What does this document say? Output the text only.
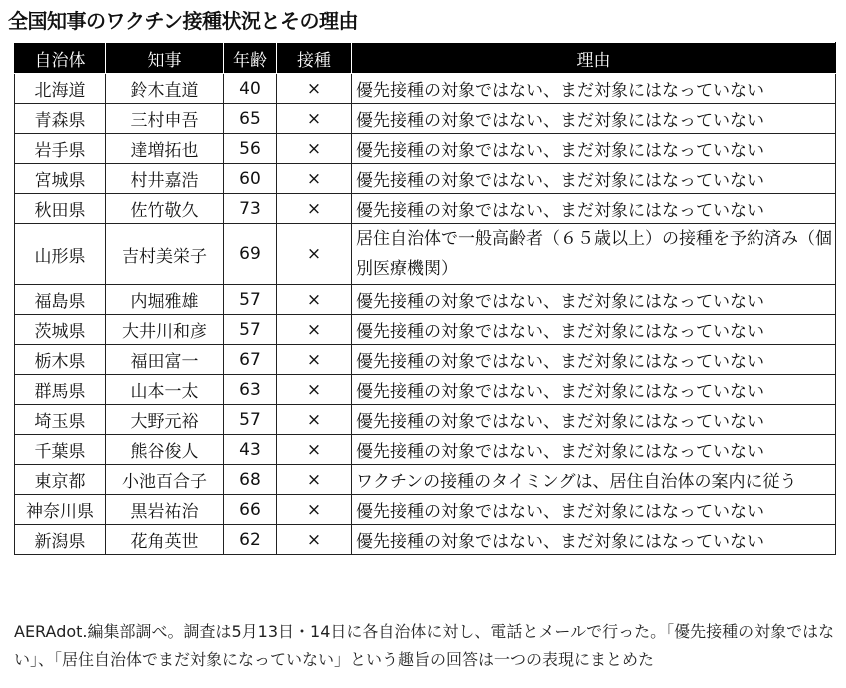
全国知事のワクチン接種状況とその理由
自治体	知事	年齢	接種	理由
北海道	鈴木直道	40	×	優先接種の対象ではない、まだ対象にはなっていない
青森県	三村申吾	65	×	優先接種の対象ではない、まだ対象にはなっていない
岩手県	達増拓也	56	×	優先接種の対象ではない、まだ対象にはなっていない
宮城県	村井嘉浩	60	×	優先接種の対象ではない、まだ対象にはなっていない
秋田県	佐竹敬久	73	×	優先接種の対象ではない、まだ対象にはなっていない
山形県	吉村美栄子	69	×	居住自治体で一般高齢者（６５歳以上）の接種を予約済み（個別医療機関）
福島県	内堀雅雄	57	×	優先接種の対象ではない、まだ対象にはなっていない
茨城県	大井川和彦	57	×	優先接種の対象ではない、まだ対象にはなっていない
栃木県	福田富一	67	×	優先接種の対象ではない、まだ対象にはなっていない
群馬県	山本一太	63	×	優先接種の対象ではない、まだ対象にはなっていない
埼玉県	大野元裕	57	×	優先接種の対象ではない、まだ対象にはなっていない
千葉県	熊谷俊人	43	×	優先接種の対象ではない、まだ対象にはなっていない
東京都	小池百合子	68	×	ワクチンの接種のタイミングは、居住自治体の案内に従う
神奈川県	黒岩祐治	66	×	優先接種の対象ではない、まだ対象にはなっていない
新潟県	花角英世	62	×	優先接種の対象ではない、まだ対象にはなっていない
AERAdot.編集部調べ。調査は5月13日・14日に各自治体に対し、電話とメールで行った。「優先接種の対象ではない」、「居住自治体でまだ対象になっていない」という趣旨の回答は一つの表現にまとめた
